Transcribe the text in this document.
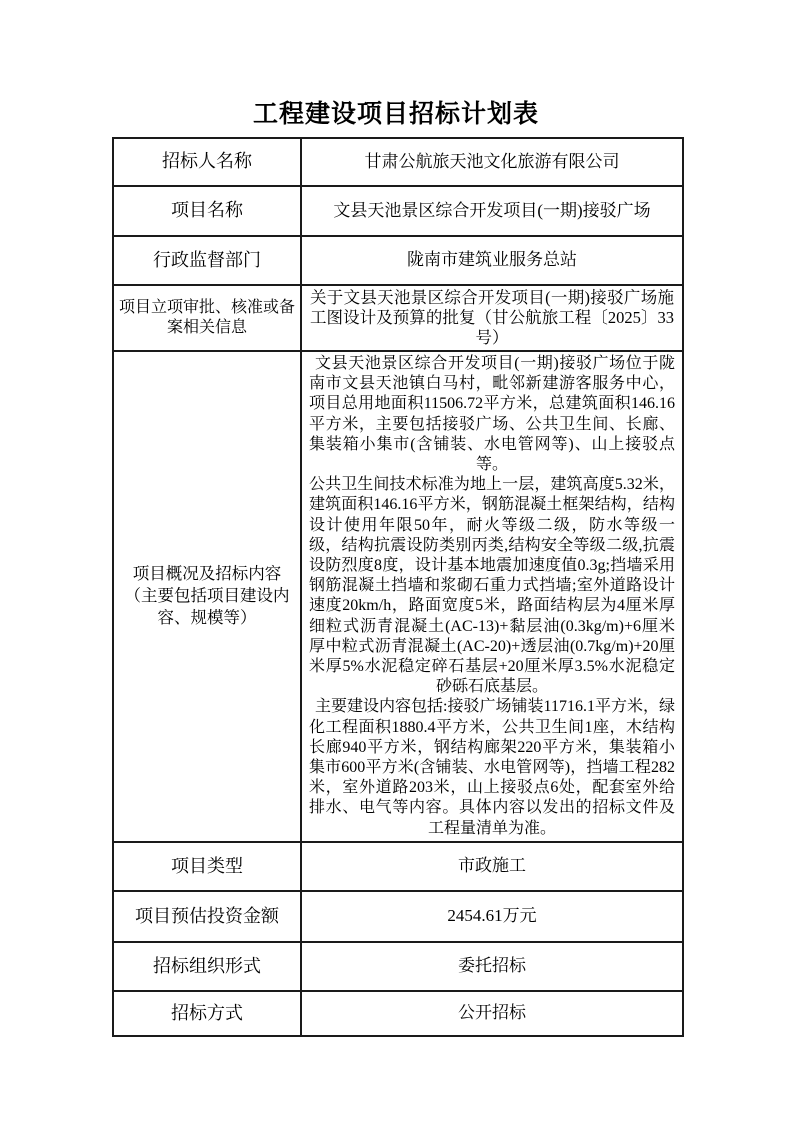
工程建设项目招标计划表
招标人名称	甘肃公航旅天池文化旅游有限公司
项目名称	文县天池景区综合开发项目(一期)接驳广场
行政监督部门	陇南市建筑业服务总站
项目立项审批、核准或备案相关信息	关于文县天池景区综合开发项目(一期)接驳广场施工图设计及预算的批复（甘公航旅工程〔2025〕33号）
项目概况及招标内容（主要包括项目建设内容、规模等）	文县天池景区综合开发项目(一期)接驳广场位于陇南市文县天池镇白马村，毗邻新建游客服务中心，项目总用地面积11506.72平方米，总建筑面积146.16平方米，主要包括接驳广场、公共卫生间、长廊、集装箱小集市(含铺装、水电管网等)、山上接驳点等。

公共卫生间技术标准为地上一层，建筑高度5.32米，建筑面积146.16平方米，钢筋混凝土框架结构，结构设计使用年限50年，耐火等级二级，防水等级一级，结构抗震设防类别丙类,结构安全等级二级,抗震设防烈度8度，设计基本地震加速度值0.3g;挡墙采用钢筋混凝土挡墙和浆砌石重力式挡墙;室外道路设计速度20km/h，路面宽度5米，路面结构层为4厘米厚细粒式沥青混凝土(AC-13)+黏层油(0.3kg/m)+6厘米厚中粒式沥青混凝土(AC-20)+透层油(0.7kg/m)+20厘米厚5%水泥稳定碎石基层+20厘米厚3.5%水泥稳定砂砾石底基层。

主要建设内容包括:接驳广场铺装11716.1平方米，绿化工程面积1880.4平方米，公共卫生间1座，木结构长廊940平方米，钢结构廊架220平方米，集装箱小集市600平方米(含铺装、水电管网等)，挡墙工程282米，室外道路203米，山上接驳点6处，配套室外给排水、电气等内容。具体内容以发出的招标文件及工程量清单为准。

项目类型	市政施工
项目预估投资金额	2454.61万元
招标组织形式	委托招标
招标方式	公开招标
